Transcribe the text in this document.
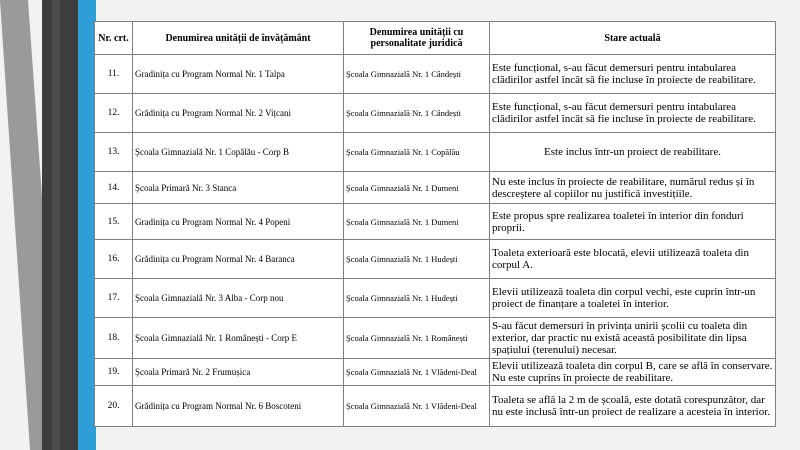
Nr. crt.	Denumirea unității de învățământ	Denumirea unității cu personalitate juridică	Stare actuală
11.	Gradinița cu Program Normal Nr. 1 Talpa	Școala Gimnazială Nr. 1 Cândești	Este funcțional, s-au făcut demersuri pentru intabularea clădirilor astfel încât să fie incluse în proiecte de reabilitare.
12.	Grădinița cu Program Normal Nr. 2 Vițcani	Școala Gimnazială Nr. 1 Cândești	Este funcțional, s-au făcut demersuri pentru intabularea clădirilor astfel încât să fie incluse în proiecte de reabilitare.
13.	Școala Gimnazială Nr. 1 Copălău - Corp B	Școala Gimnazială Nr. 1 Copălău	Este inclus într-un proiect de reabilitare.
14.	Școala Primară Nr. 3 Stanca	Școala Gimnazială Nr. 1 Dumeni	Nu este inclus în proiecte de reabilitare, numărul redus și în descreștere al copiilor nu justifică investițiile.
15.	Gradinița cu Program Normal Nr. 4 Popeni	Școala Gimnazială Nr. 1 Dumeni	Este propus spre realizarea toaletei în interior din fonduri proprii.
16.	Grădinița cu Program Normal Nr. 4 Baranca	Școala Gimnazială Nr. 1 Hudești	Toaleta exterioară este blocată, elevii utilizează toaleta din corpul A.
17.	Școala Gimnazială Nr. 3 Alba - Corp nou	Școala Gimnazială Nr. 1 Hudești	Elevii utilizează toaleta din corpul vechi, este cuprin într-un proiect de finanțare a toaletei în interior.
18.	Școala Gimnazială Nr. 1 Românești - Corp E	Școala Gimnazială Nr. 1 Românești	S-au făcut demersuri în privința unirii școlii cu toaleta din exterior, dar practic nu există această posibilitate din lipsa spațiului (terenului) necesar.
19.	Școala Primară Nr. 2 Frumușica	Școala Gimnazială Nr. 1 Vlădeni-Deal	Elevii utilizează toaleta din corpul B, care se află în conservare. Nu este cuprins în proiecte de reabilitare.
20.	Grădinița cu Program Normal Nr. 6 Boscoteni	Școala Gimnazială Nr. 1 Vlădeni-Deal	Toaleta se află la 2 m de școală, este dotată corespunzător, dar nu este inclusă într-un proiect de realizare a acesteia în interior.
